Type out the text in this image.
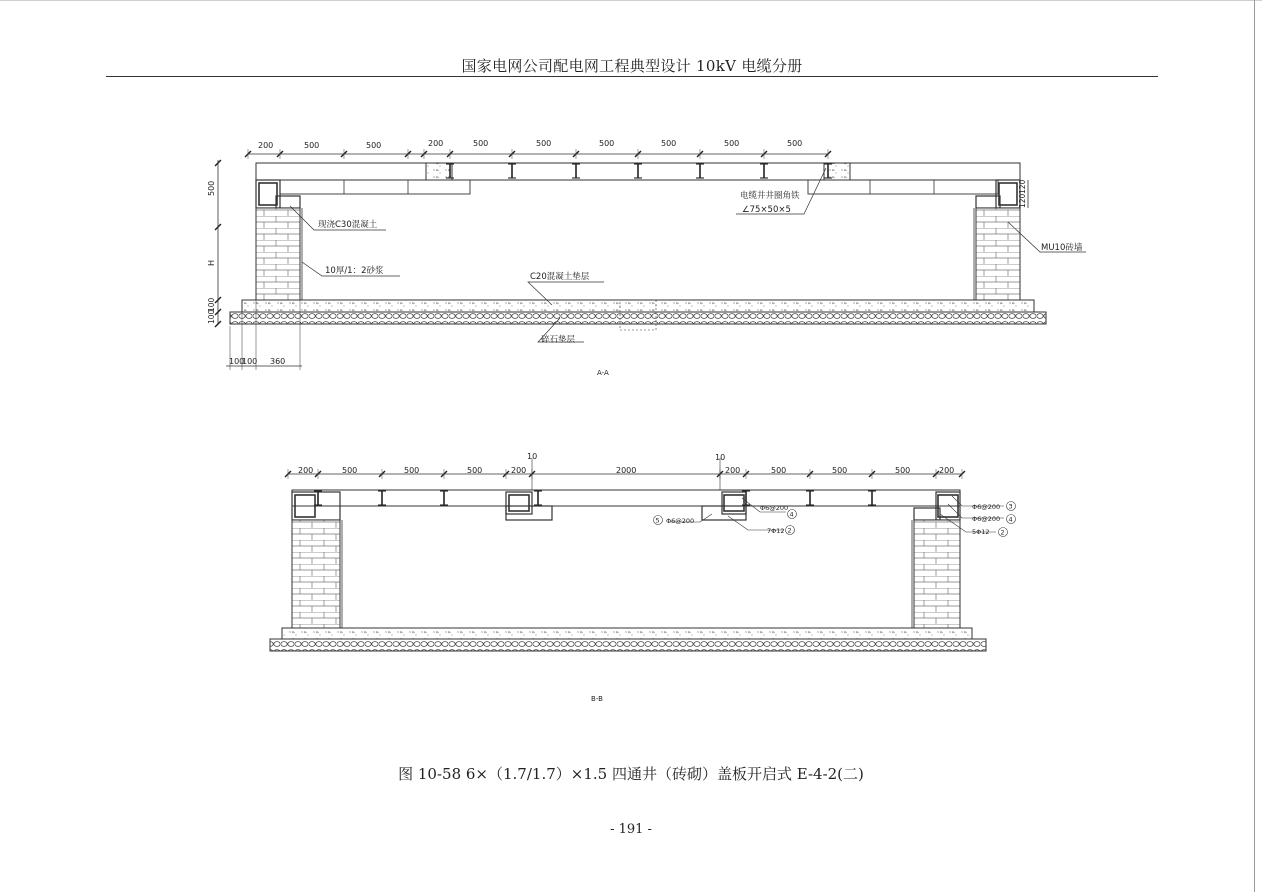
国家电网公司配电网工程典型设计 10kV 电缆分册
现浇C30混凝土
10厚/1：2砂浆
C20混凝土垫层
碎石垫层
电缆井井圈角铁
∠75×50×5
MU10砖墙
A-A
500
H
100
100
120
120
100
100 360
200	500	500	200	500	500	500	500	500	500
Φ6@200
4
7Φ12 2
Φ6@200
5
Φ6@200 3
Φ6@200 4
5Φ12 2
10	10
B-B
200	500	500	500	200	2000	200	500	500	500	200
图 10-58 6×（1.7/1.7）×1.5 四通井（砖砌）盖板开启式 E-4-2(二)
- 191 -
